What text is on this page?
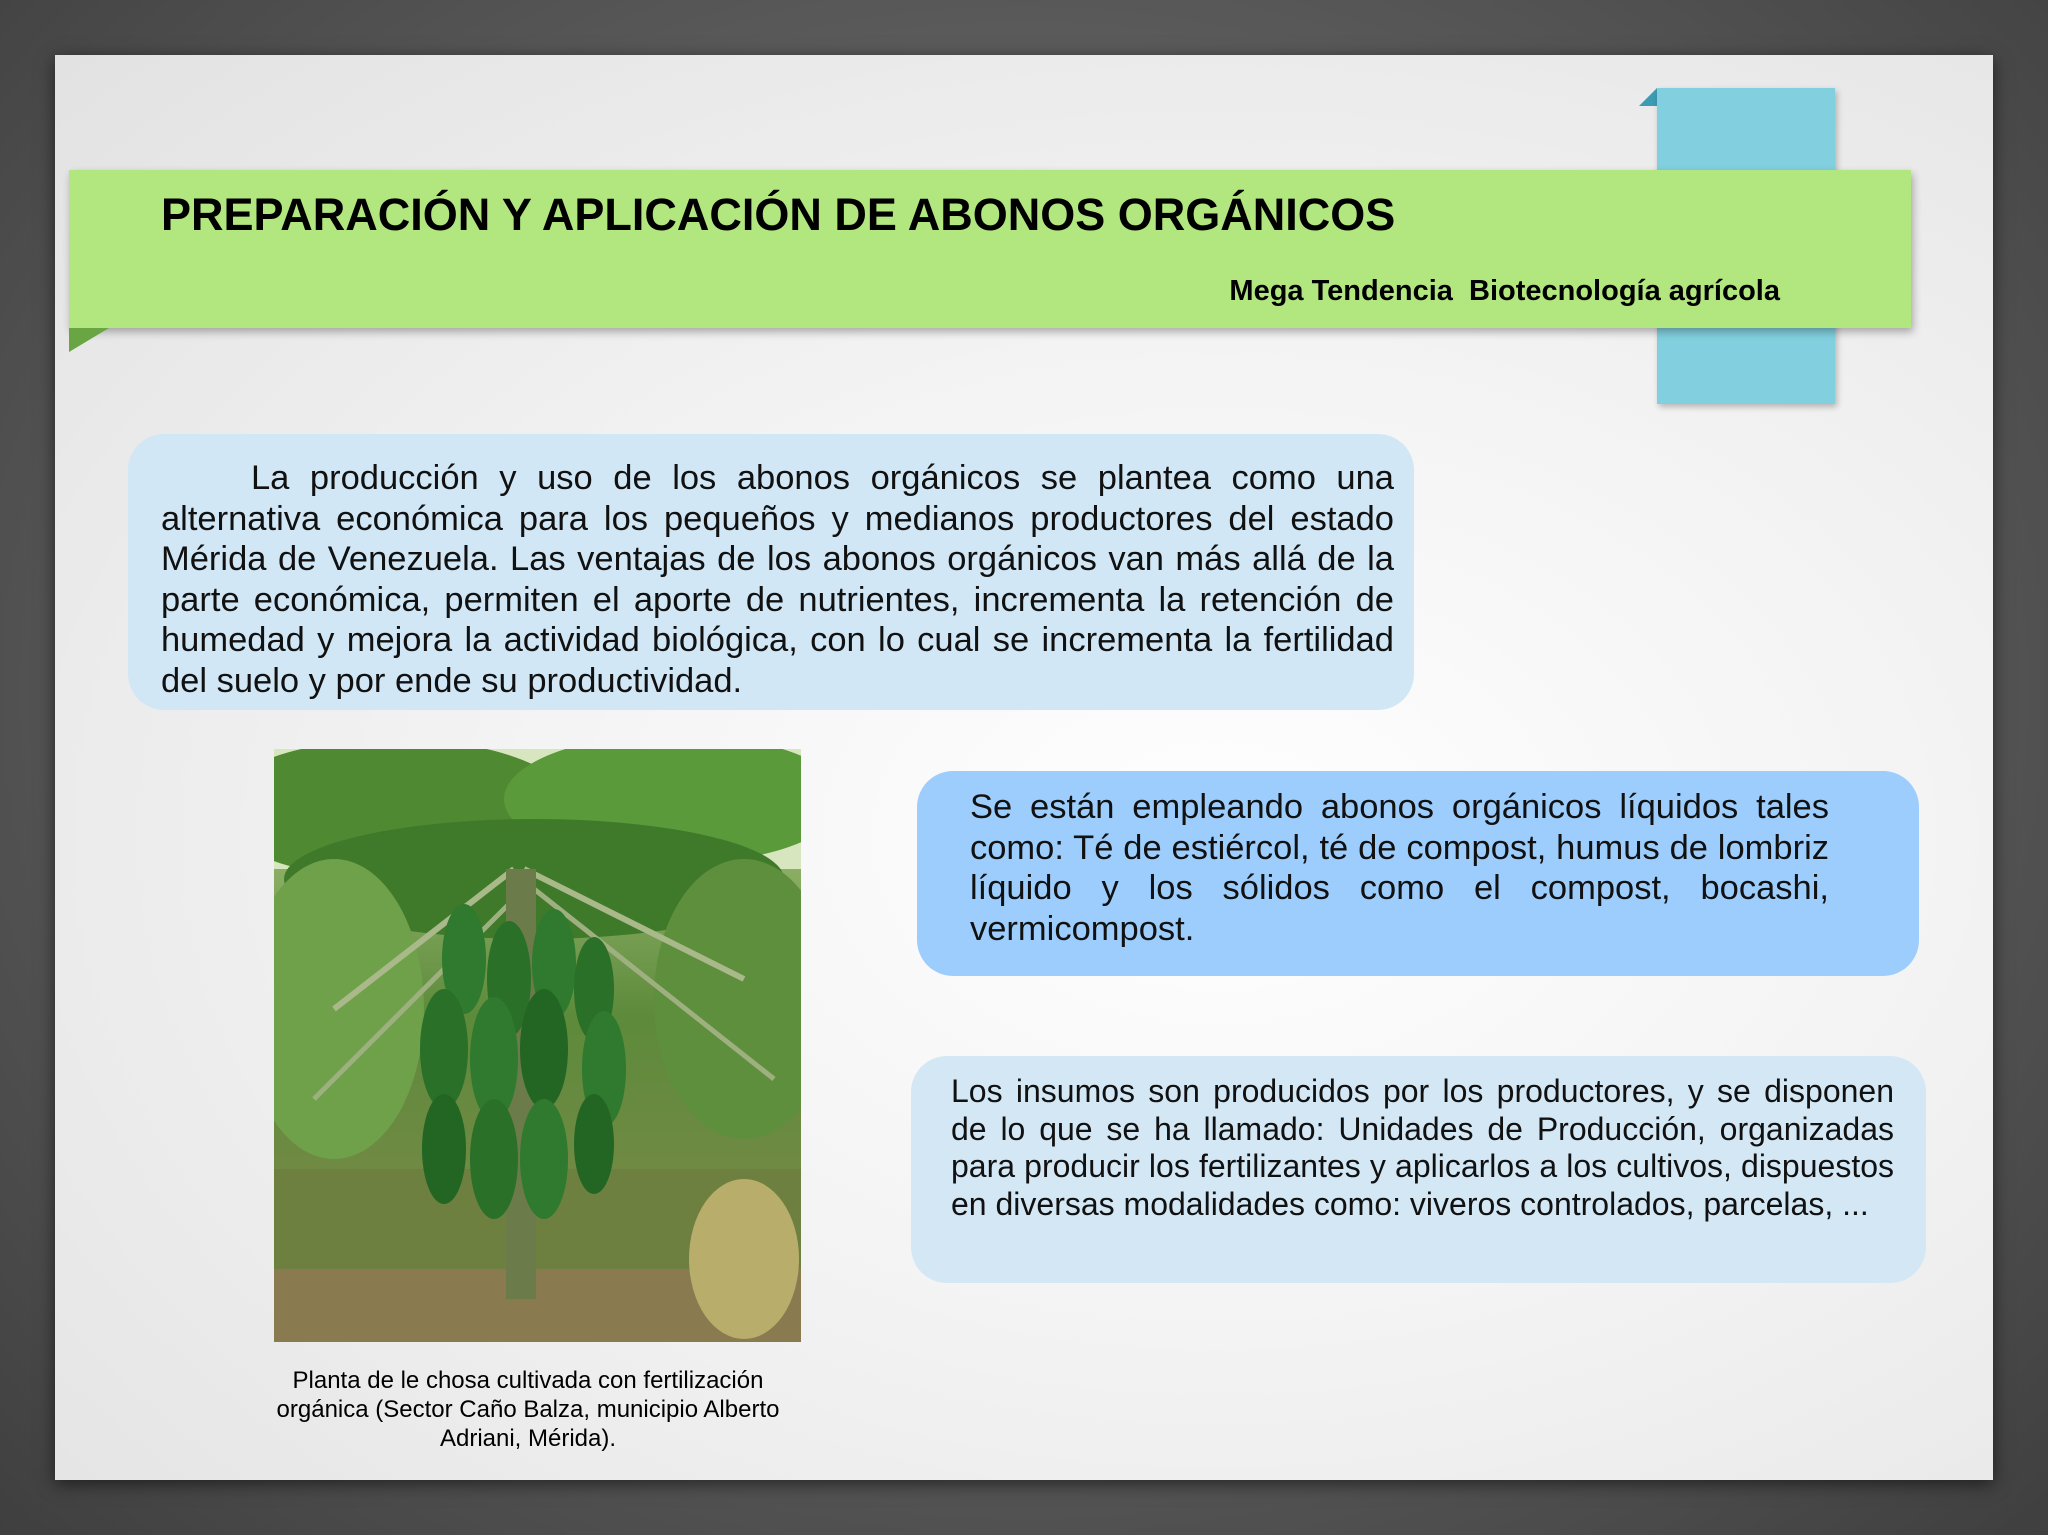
PREPARACIÓN Y APLICACIÓN DE ABONOS ORGÁNICOS
Mega Tendencia  Biotecnología agrícola
La producción y uso de los abonos orgánicos se plantea como una alternativa económica para los pequeños y medianos productores del estado Mérida de Venezuela. Las ventajas de los abonos orgánicos van más allá de la parte económica, permiten el aporte de nutrientes, incrementa la retención de humedad y mejora la actividad biológica, con lo cual se incrementa la fertilidad del suelo y por ende su productividad.
Se están empleando abonos orgánicos líquidos tales como: Té de estiércol, té de compost, humus de lombriz líquido y los sólidos como el compost, bocashi, vermicompost.
Los insumos son producidos por los productores, y se disponen de lo que se ha llamado: Unidades de Producción, organizadas para producir los fertilizantes y aplicarlos a los cultivos, dispuestos en diversas modalidades como: viveros controlados, parcelas, ...
Planta de le chosa cultivada con fertilización orgánica (Sector Caño Balza, municipio Alberto Adriani, Mérida).
